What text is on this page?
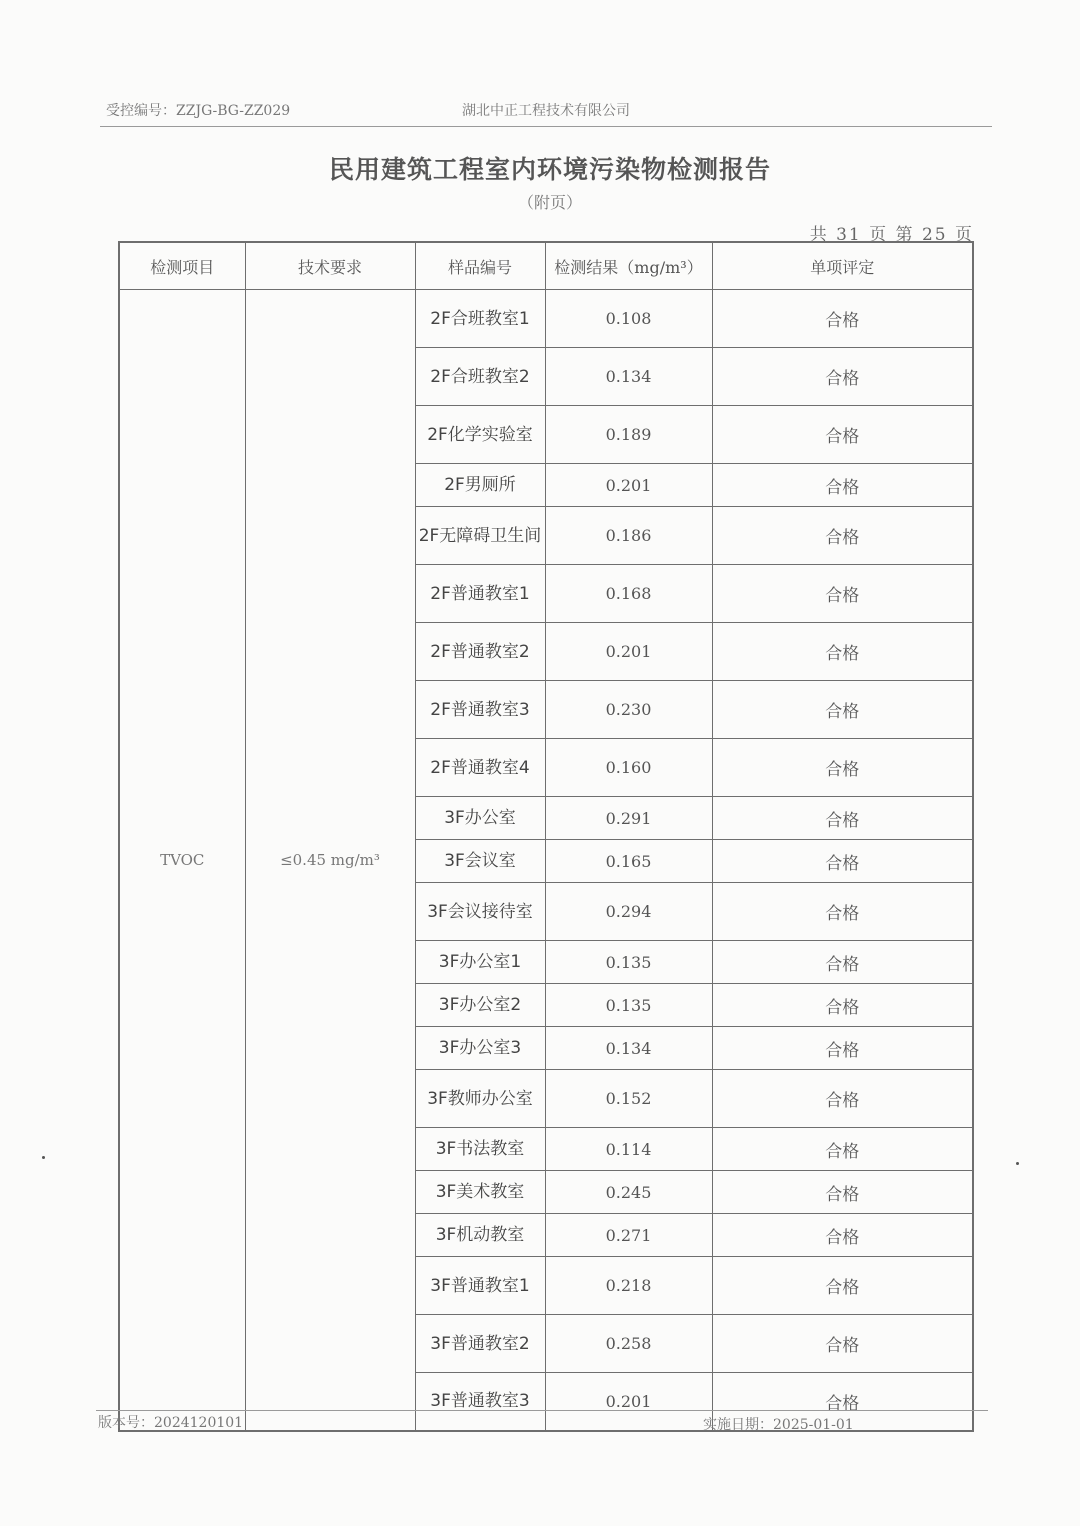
受控编号：ZZJG-BG-ZZ029	湖北中正工程技术有限公司
民用建筑工程室内环境污染物检测报告
（附页）
共 31 页 第 25 页
检测项目	技术要求	样品编号	检测结果（mg/m³）	单项评定
TVOC	≤0.45 mg/m³	2F合班教室1	0.108	合格
		2F合班教室2	0.134	合格
		2F化学实验室	0.189	合格
		2F男厕所	0.201	合格
		2F无障碍卫生间	0.186	合格
		2F普通教室1	0.168	合格
		2F普通教室2	0.201	合格
		2F普通教室3	0.230	合格
		2F普通教室4	0.160	合格
		3F办公室	0.291	合格
		3F会议室	0.165	合格
		3F会议接待室	0.294	合格
		3F办公室1	0.135	合格
		3F办公室2	0.135	合格
		3F办公室3	0.134	合格
		3F教师办公室	0.152	合格
		3F书法教室	0.114	合格
		3F美术教室	0.245	合格
		3F机动教室	0.271	合格
		3F普通教室1	0.218	合格
		3F普通教室2	0.258	合格
		3F普通教室3	0.201	合格
版本号：2024120101	实施日期：2025-01-01
